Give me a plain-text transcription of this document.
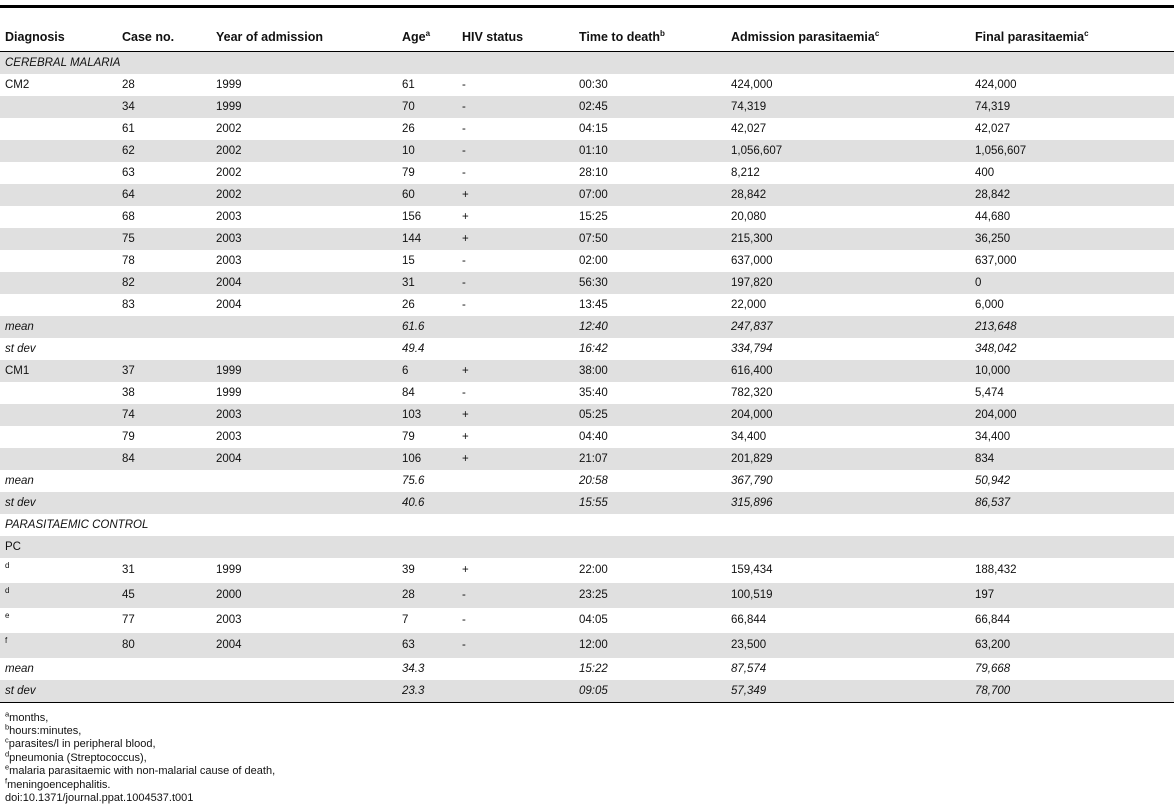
Diagnosis	Case no.	Year of admission	Age$^a$	HIV status	Time to death$^b$	Admission parasitaemia$^c$	Final parasitaemia$^c$
CEREBRAL MALARIA							
CM2	28	1999	61	-	00:30	424,000	424,000
	34	1999	70	-	02:45	74,319	74,319
	61	2002	26	-	04:15	42,027	42,027
	62	2002	10	-	01:10	1,056,607	1,056,607
	63	2002	79	-	28:10	8,212	400
	64	2002	60	+	07:00	28,842	28,842
	68	2003	156	+	15:25	20,080	44,680
	75	2003	144	+	07:50	215,300	36,250
	78	2003	15	-	02:00	637,000	637,000
	82	2004	31	-	56:30	197,820	0
	83	2004	26	-	13:45	22,000	6,000
mean			61.6		12:40	247,837	213,648
st dev			49.4		16:42	334,794	348,042
CM1	37	1999	6	+	38:00	616,400	10,000
	38	1999	84	-	35:40	782,320	5,474
	74	2003	103	+	05:25	204,000	204,000
	79	2003	79	+	04:40	34,400	34,400
	84	2004	106	+	21:07	201,829	834
mean			75.6		20:58	367,790	50,942
st dev			40.6		15:55	315,896	86,537
PARASITAEMIC CONTROL							
PC							
d	31	1999	39	+	22:00	159,434	188,432
d	45	2000	28	-	23:25	100,519	197
e	77	2003	7	-	04:05	66,844	66,844
f	80	2004	63	-	12:00	23,500	63,200
mean			34.3		15:22	87,574	79,668
st dev			23.3		09:05	57,349	78,700
$^a$months,
$^b$hours:minutes,
$^c$parasites/l in peripheral blood,
$^d$pneumonia (Streptococcus),
$^e$malaria parasitaemic with non-malarial cause of death,
$^f$meningoencephalitis.
doi:10.1371/journal.ppat.1004537.t001
